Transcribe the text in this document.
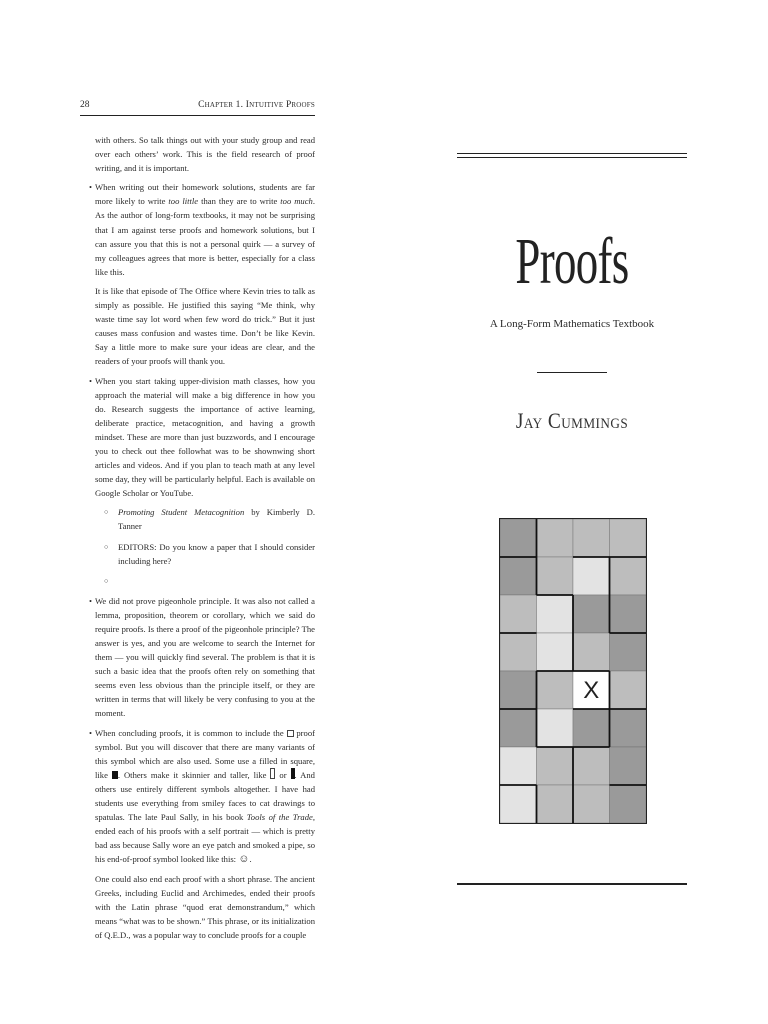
28	Chapter 1. Intuitive Proofs

with others. So talk things out with your study group and read over each others’ work. This is the field research of proof writing, and it is important.

• When writing out their homework solutions, students are far more likely to write too little than they are to write too much. As the author of long-form textbooks, it may not be surprising that I am against terse proofs and homework solutions, but I can assure you that this is not a personal quirk — a survey of my colleagues agrees that more is better, especially for a class like this.

It is like that episode of The Office where Kevin tries to talk as simply as possible. He justified this saying “Me think, why waste time say lot word when few word do trick.” But it just causes mass confusion and wastes time. Don’t be like Kevin. Say a little more to make sure your ideas are clear, and the readers of your proofs will thank you.

• When you start taking upper-division math classes, how you approach the material will make a big difference in how you do. Research suggests the importance of active learning, deliberate practice, metacognition, and having a growth mindset. These are more than just buzzwords, and I encourage you to check out thee followhat was to be shownwing short articles and videos. And if you plan to teach math at any level some day, they will be particularly helpful. Each is available on Google Scholar or YouTube.
○ Promoting Student Metacognition by Kimberly D. Tanner
○ EDITORS: Do you know a paper that I should consider including here?
○
• We did not prove pigeonhole principle. It was also not called a lemma, proposition, theorem or corollary, which we said do require proofs. Is there a proof of the pigeonhole principle? The answer is yes, and you are welcome to search the Internet for them — you will quickly find several. The problem is that it is such a basic idea that the proofs often rely on something that seems even less obvious than the principle itself, or they are written in terms that will likely be very confusing to you at the moment.
• When concluding proofs, it is common to include the  proof symbol. But you will discover that there are many variants of this symbol which are also used. Some use a filled in square, like . Others make it skinnier and taller, like  or . And others use entirely different symbols altogether. I have had students use everything from smiley faces to cat drawings to spatulas. The late Paul Sally, in his book Tools of the Trade, ended each of his proofs with a self portrait — which is pretty bad ass because Sally wore an eye patch and smoked a pipe, so his end-of-proof symbol looked like this: ☺.

One could also end each proof with a short phrase. The ancient Greeks, including Euclid and Archimedes, ended their proofs with the Latin phrase “quod erat demonstrandum,” which means “what was to be shown.” This phrase, or its initialization of Q.E.D., was a popular way to conclude proofs for a couple

Proofs
A Long-Form Mathematics Textbook
Jay Cummings
X
